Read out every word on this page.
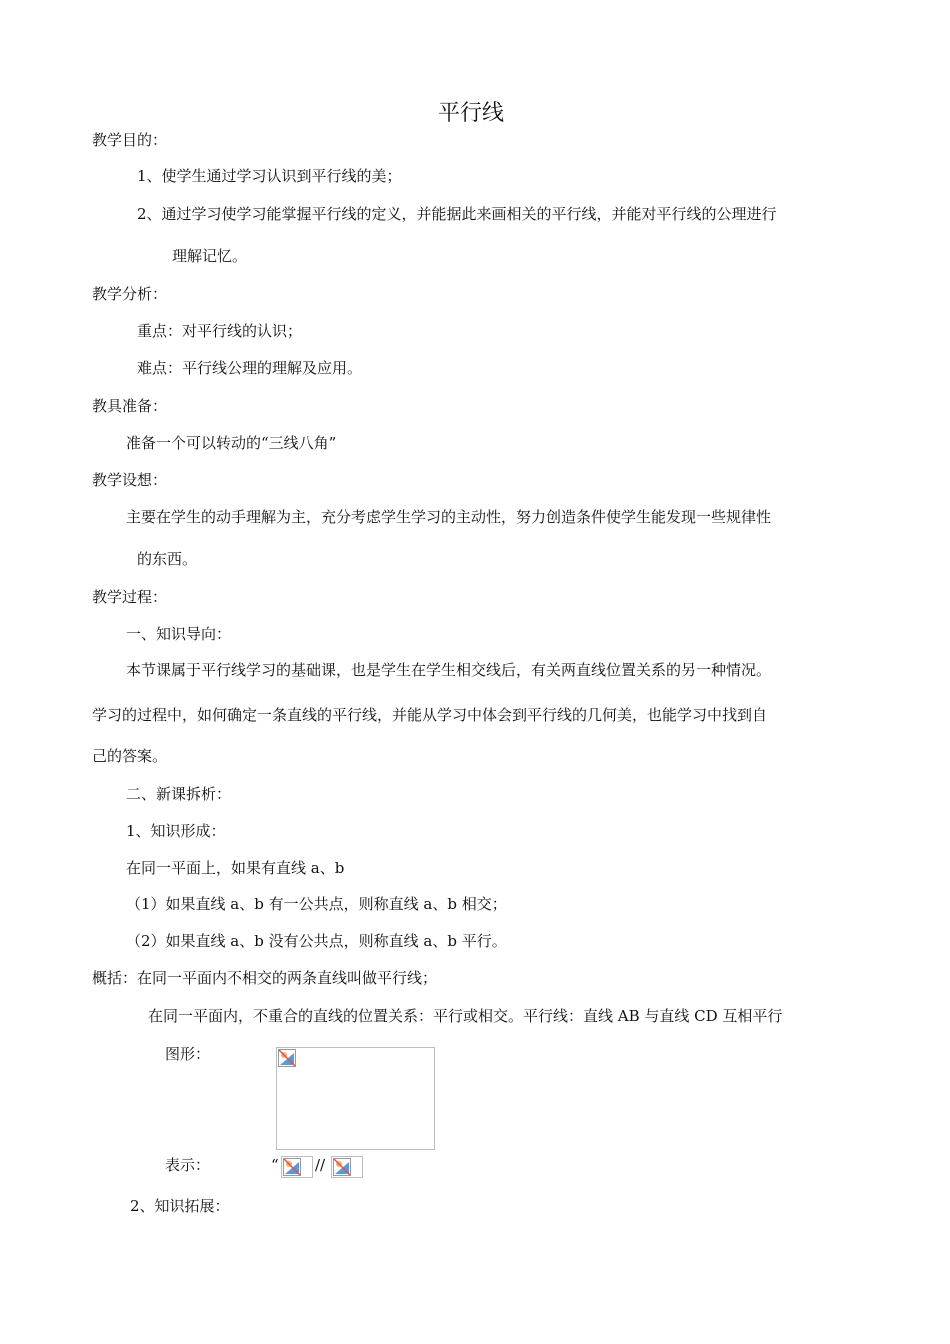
平行线
教学目的：
1、使学生通过学习认识到平行线的美；
2、通过学习使学习能掌握平行线的定义，并能据此来画相关的平行线，并能对平行线的公理进行
理解记忆。
教学分析：
重点：对平行线的认识；
难点：平行线公理的理解及应用。
教具准备：
准备一个可以转动的“三线八角”
教学设想：
主要在学生的动手理解为主，充分考虑学生学习的主动性，努力创造条件使学生能发现一些规律性
的东西。
教学过程：
一、知识导向：
本节课属于平行线学习的基础课，也是学生在学生相交线后，有关两直线位置关系的另一种情况。
学习的过程中，如何确定一条直线的平行线，并能从学习中体会到平行线的几何美，也能学习中找到自
己的答案。
二、新课拆析：
1、知识形成：
在同一平面上，如果有直线 a、b
（1）如果直线 a、b 有一公共点，则称直线 a、b 相交；
（2）如果直线 a、b 没有公共点，则称直线 a、b 平行。
概括：在同一平面内不相交的两条直线叫做平行线；
在同一平面内，不重合的直线的位置关系：平行或相交。平行线：直线 AB 与直线 CD 互相平行
图形：
表示：	“ //
2、知识拓展：
